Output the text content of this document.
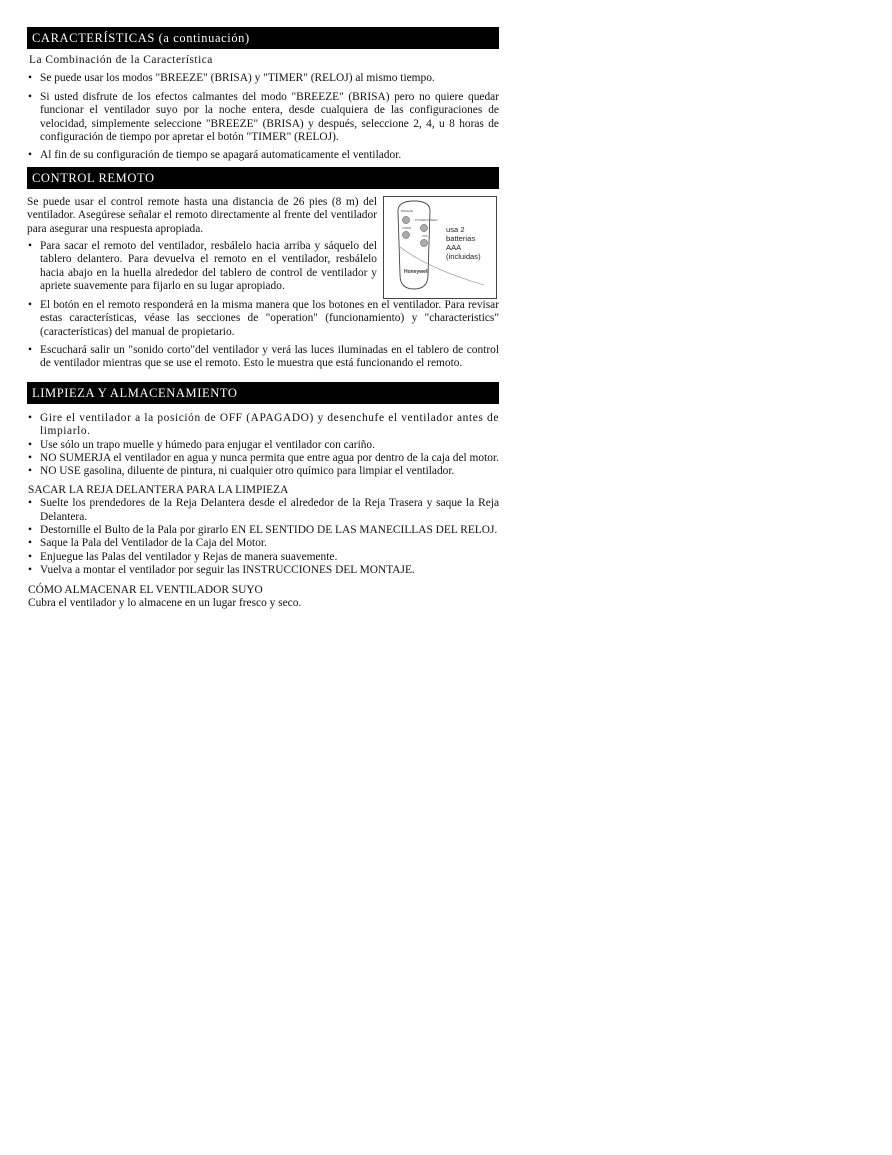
CARACTERÍSTICAS (a continuación)
La Combinación de la Característica
• Se puede usar los modos "BREEZE" (BRISA) y "TIMER" (RELOJ) al mismo tiempo.
• Si usted disfrute de los efectos calmantes del modo "BREEZE" (BRISA) pero no quiere quedar funcionar el ventilador suyo por la noche entera, desde cualquiera de las configuraciones de velocidad, simplemente seleccione "BREEZE" (BRISA) y después, seleccione 2, 4, u 8 horas de configuración de tiempo por apretar el botón "TIMER" (RELOJ).
• Al fin de su configuración de tiempo se apagará automaticamente el ventilador.
CONTROL REMOTO
BREEZE
TIMER
POWER/SPEED
OFF
Honeywell
usa 2
batterias
AAA
(incluidas)
Se puede usar el control remote hasta una distancia de 26 pies (8 m) del ventilador. Asegúrese señalar el remoto directamente al frente del ventilador para asegurar una respuesta apropiada.
• Para sacar el remoto del ventilador, resbálelo hacia arriba y sáquelo del tablero delantero. Para devuelva el remoto en el ventilador, resbálelo hacia abajo en la huella alrededor del tablero de control de ventilador y apriete suavemente para fijarlo en su lugar apropiado.
• El botón en el remoto responderá en la misma manera que los botones en el ventilador. Para revisar estas características, véase las secciones de "operation" (funcionamiento) y "characteristics" (características) del manual de propietario.
• Escuchará salir un "sonido corto"del ventilador y verá las luces iluminadas en el tablero de control de ventilador mientras que se use el remoto. Esto le muestra que está funcionando el remoto.
LIMPIEZA Y ALMACENAMIENTO
• Gire el ventilador a la posición de OFF (APAGADO) y desenchufe el ventilador antes de limpiarlo.
• Use sólo un trapo muelle y húmedo para enjugar el ventilador con cariño.
• NO SUMERJA el ventilador en agua y nunca permita que entre agua por dentro de la caja del motor.
• NO USE gasolina, diluente de pintura, ni cualquier otro químico para limpiar el ventilador.
SACAR LA REJA DELANTERA PARA LA LIMPIEZA
• Suelte los prendedores de la Reja Delantera desde el alrededor de la Reja Trasera y saque la Reja Delantera.
• Destornille el Bulto de la Pala por girarlo EN EL SENTIDO DE LAS MANECILLAS DEL RELOJ.
• Saque la Pala del Ventilador de la Caja del Motor.
• Enjuegue las Palas del ventilador y Rejas de manera suavemente.
• Vuelva a montar el ventilador por seguir las INSTRUCCIONES DEL MONTAJE.
CÓMO ALMACENAR EL VENTILADOR SUYO
Cubra el ventilador y lo almacene en un lugar fresco y seco.
